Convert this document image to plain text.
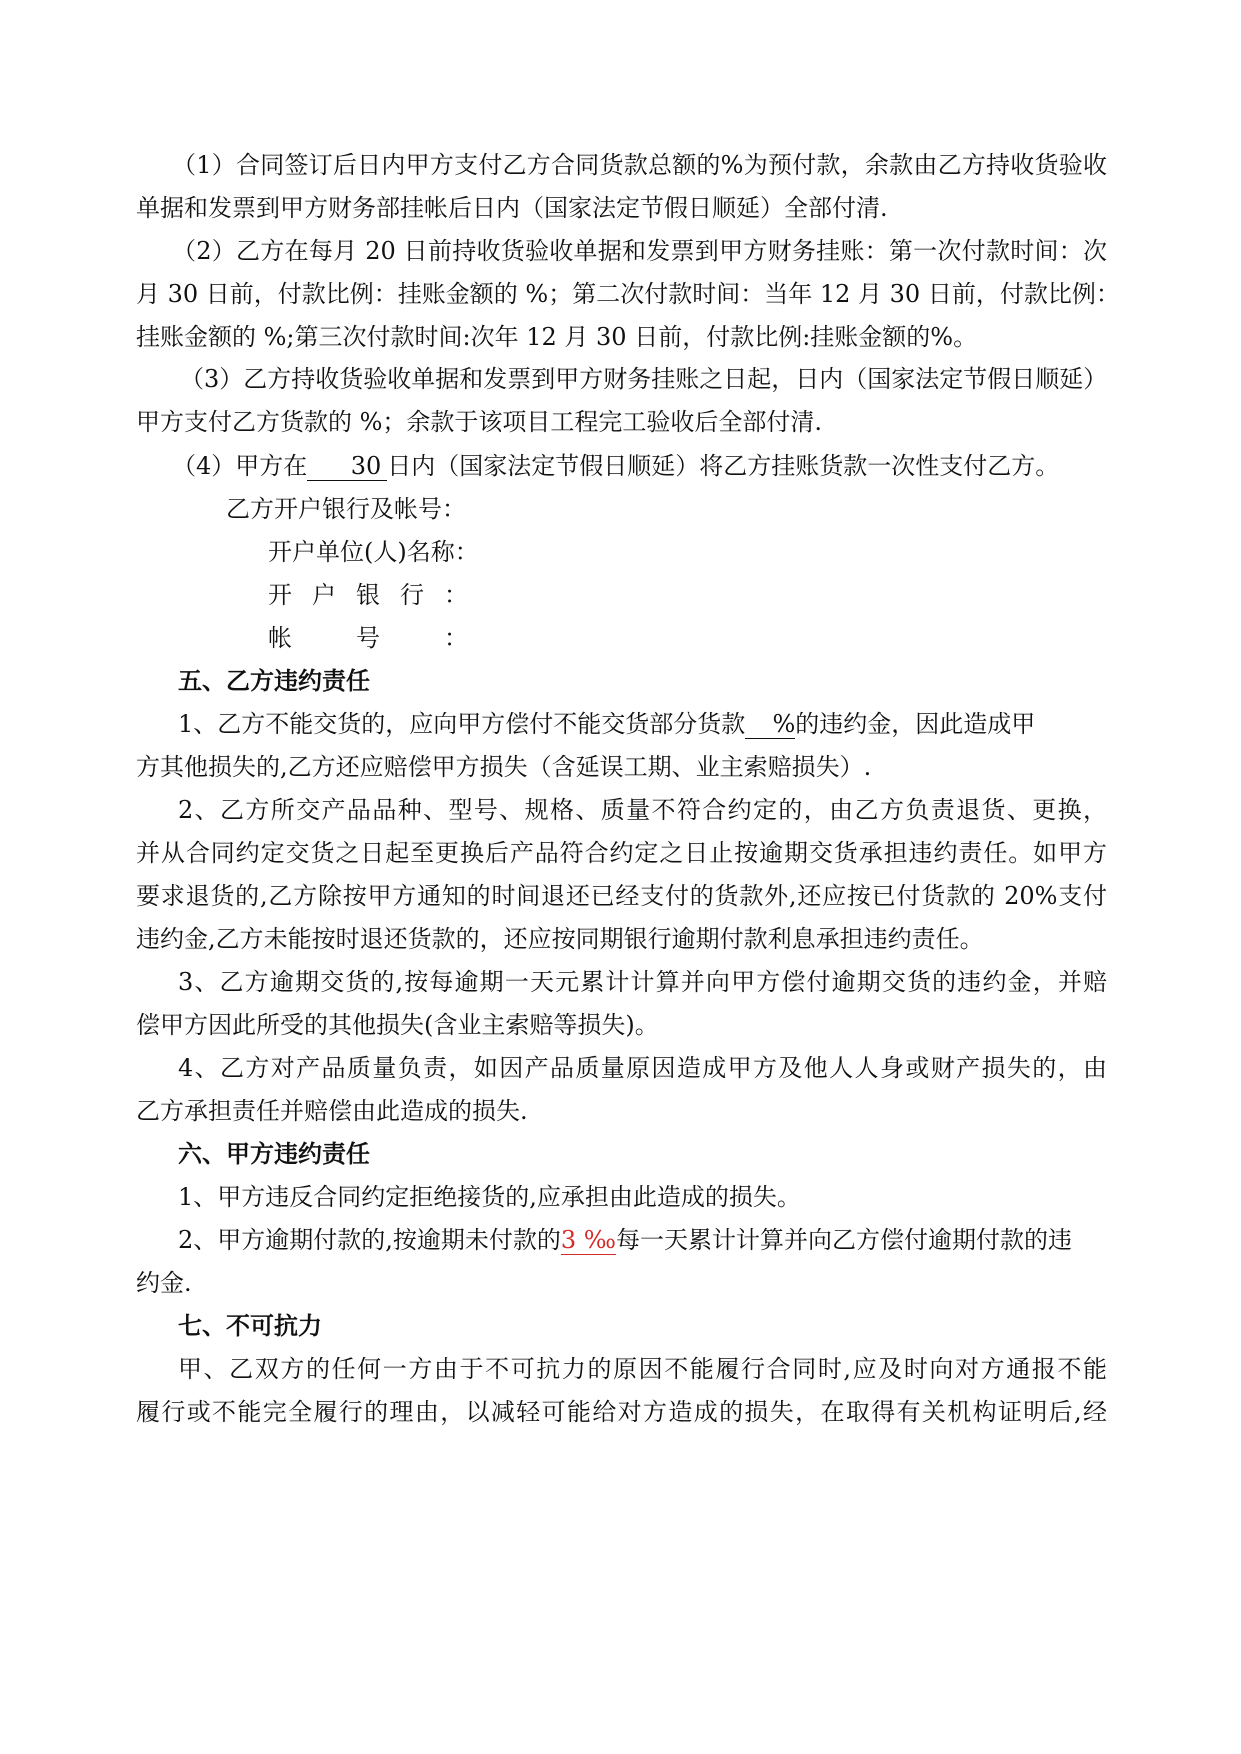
（1）合同签订后日内甲方支付乙方合同货款总额的%为预付款，余款由乙方持收货验收
单据和发票到甲方财务部挂帐后日内（国家法定节假日顺延）全部付清.
（2）乙方在每月 20 日前持收货验收单据和发票到甲方财务挂账：第一次付款时间：次
月 30 日前，付款比例：挂账金额的 %；第二次付款时间：当年 12 月 30 日前，付款比例：
挂账金额的 %;第三次付款时间:次年 12 月 30 日前，付款比例:挂账金额的%。
（3）乙方持收货验收单据和发票到甲方财务挂账之日起，日内（国家法定节假日顺延）
甲方支付乙方货款的 %；余款于该项目工程完工验收后全部付清.
（4）甲方在 30 日内（国家法定节假日顺延）将乙方挂账货款一次性支付乙方。
乙方开户银行及帐号：
开户单位(人)名称：
开户银行：
帐号：
五、乙方违约责任
1、乙方不能交货的，应向甲方偿付不能交货部分货款 %的违约金，因此造成甲
方其他损失的,乙方还应赔偿甲方损失（含延误工期、业主索赔损失）.
2、乙方所交产品品种、型号、规格、质量不符合约定的，由乙方负责退货、更换，
并从合同约定交货之日起至更换后产品符合约定之日止按逾期交货承担违约责任。如甲方
要求退货的,乙方除按甲方通知的时间退还已经支付的货款外,还应按已付货款的 20%支付
违约金,乙方未能按时退还货款的，还应按同期银行逾期付款利息承担违约责任。
3、乙方逾期交货的,按每逾期一天元累计计算并向甲方偿付逾期交货的违约金，并赔
偿甲方因此所受的其他损失(含业主索赔等损失)。
4、乙方对产品质量负责，如因产品质量原因造成甲方及他人人身或财产损失的，由
乙方承担责任并赔偿由此造成的损失.
六、甲方违约责任
1、甲方违反合同约定拒绝接货的,应承担由此造成的损失。
2、甲方逾期付款的,按逾期未付款的3 ‰每一天累计计算并向乙方偿付逾期付款的违
约金.
七、不可抗力
甲、乙双方的任何一方由于不可抗力的原因不能履行合同时,应及时向对方通报不能
履行或不能完全履行的理由，以减轻可能给对方造成的损失，在取得有关机构证明后,经
